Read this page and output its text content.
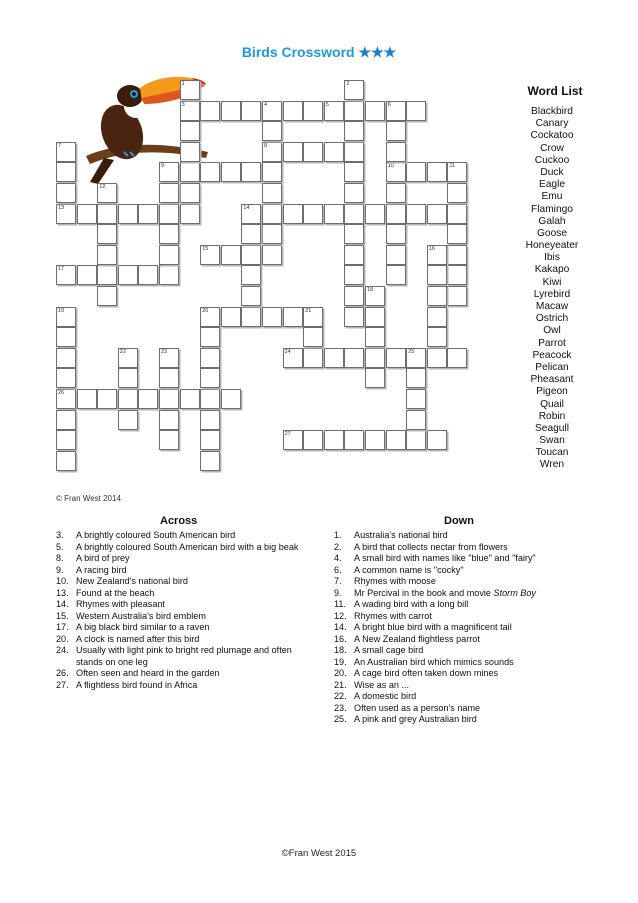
Birds Crossword ★★★
3	4	5	6
8
9	10	11
13	14
15
17
20	21
24	25
26
27
1	2
7
12
16
18
19
22	23
Word List
Blackbird
Canary
Cockatoo
Crow
Cuckoo
Duck
Eagle
Emu
Flamingo
Galah
Goose
Honeyeater
Ibis
Kakapo
Kiwi
Lyrebird
Macaw
Ostrich
Owl
Parrot
Peacock
Pelican
Pheasant
Pigeon
Quail
Robin
Seagull
Swan
Toucan
Wren
© Fran West 2014
Across	Down
3.	A brightly coloured South American bird
5.	A brightly coloured South American bird with a big beak
8.	A bird of prey
9.	A racing bird
10. New Zealand's national bird
13. Found at the beach
14. Rhymes with pleasant
15. Western Australia's bird emblem
17. A big black bird similar to a raven
20. A clock is named after this bird
24. Usually with light pink to bright red plumage and often stands on one leg
26. Often seen and heard in the garden
27. A flightless bird found in Africa
1.	Australia's national bird
2.	A bird that collects nectar from flowers
4.	A small bird with names like "blue" and "fairy"
6.	A common name is "cocky"
7.	Rhymes with moose
9.	Mr Percival in the book and movie Storm Boy
11. A wading bird with a long bill
12. Rhymes with carrot
14. A bright blue bird with a magnificent tail
16. A New Zealand flightless parrot
18. A small cage bird
19. An Australian bird which mimics sounds
20. A cage bird often taken down mines
21. Wise as an ...
22. A domestic bird
23. Often used as a person's name
25. A pink and grey Australian bird
©Fran West 2015
